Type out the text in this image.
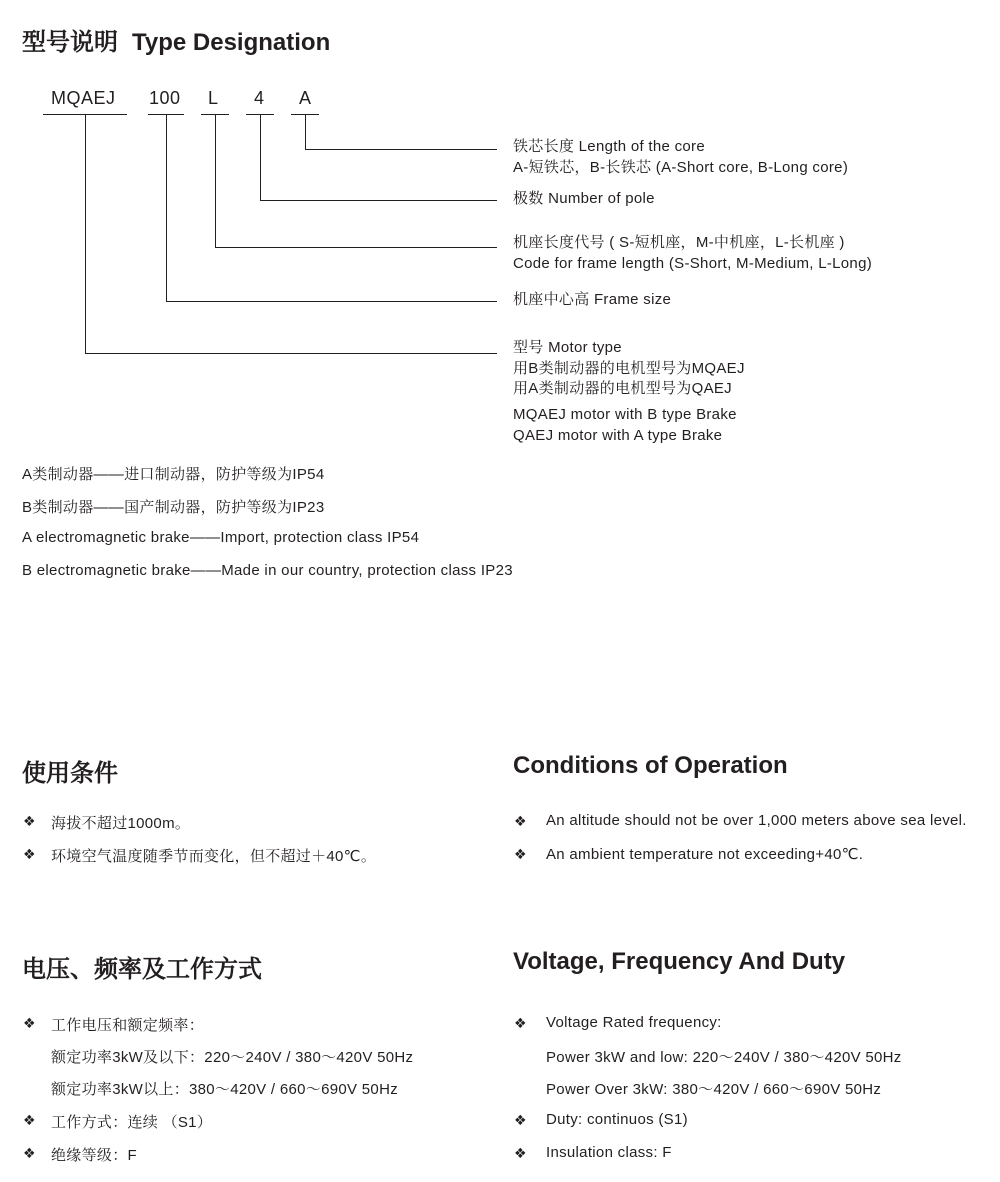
型号说明 Type Designation
MQAEJ 100 L 4 A
铁芯长度 Length of the core
A-短铁芯，B-长铁芯 (A-Short core, B-Long core)
极数 Number of pole
机座长度代号 ( S-短机座，M-中机座，L-长机座 )
Code for frame length (S-Short, M-Medium, L-Long)
机座中心高 Frame size
型号 Motor type
用B类制动器的电机型号为MQAEJ
用A类制动器的电机型号为QAEJ
MQAEJ motor with B type Brake
QAEJ motor with A type Brake
A类制动器——进口制动器，防护等级为IP54
B类制动器——国产制动器，防护等级为IP23
A electromagnetic brake——Import, protection class IP54
B electromagnetic brake——Made in our country, protection class IP23
使用条件	Conditions of Operation
❖ 海拔不超过1000m。
❖ 环境空气温度随季节而变化，但不超过＋40℃。
❖ An altitude should not be over 1,000 meters above sea level.
❖ An ambient temperature not exceeding+40℃.
电压、频率及工作方式	Voltage, Frequency And Duty
❖ 工作电压和额定频率：
额定功率3kW及以下：220～240V / 380～420V 50Hz
额定功率3kW以上：380～420V / 660～690V 50Hz
❖ 工作方式：连续 （S1）
❖ 绝缘等级：F
❖ Voltage Rated frequency:
Power 3kW and low: 220～240V / 380～420V 50Hz
Power Over 3kW: 380～420V / 660～690V 50Hz
❖ Duty: continuos (S1)
❖ Insulation class: F
